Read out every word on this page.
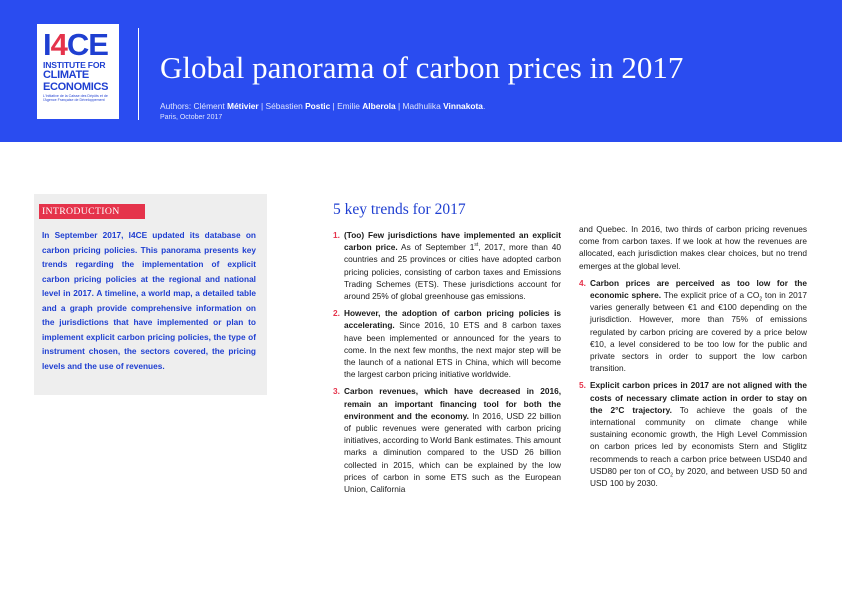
I4CE
INSTITUTE FOR
CLIMATE
ECONOMICS
L'Initiative de la Caisse des Dépôts et de l'Agence Française de Développement
Global panorama of carbon prices in 2017
Authors: Clément Métivier | Sébastien Postic | Emilie Alberola | Madhulika Vinnakota.
Paris, October 2017
INTRODUCTION
In September 2017, I4CE updated its database on carbon pricing policies. This panorama presents key trends regarding the implementation of explicit carbon pricing policies at the regional and national level in 2017. A timeline, a world map, a detailed table and a graph provide comprehensive information on the jurisdictions that have implemented or plan to implement explicit carbon pricing policies, the type of instrument chosen, the sectors covered, the pricing levels and the use of revenues.
5 key trends for 2017
1. (Too) Few jurisdictions have implemented an explicit carbon price. As of September 1st, 2017, more than 40 countries and 25 provinces or cities have adopted carbon pricing policies, consisting of carbon taxes and Emissions Trading Schemes (ETS). These jurisdictions account for around 25% of global greenhouse gas emissions.
2. However, the adoption of carbon pricing policies is accelerating. Since 2016, 10 ETS and 8 carbon taxes have been implemented or announced for the years to come. In the next few months, the next major step will be the launch of a national ETS in China, which will become the largest carbon pricing initiative worldwide.
3. Carbon revenues, which have decreased in 2016, remain an important financing tool for both the environment and the economy. In 2016, USD 22 billion of public revenues were generated with carbon pricing initiatives, according to World Bank estimates. This amount marks a diminution compared to the USD 26 billion collected in 2015, which can be explained by the low prices of carbon in some ETS such as the European Union, California
and Quebec. In 2016, two thirds of carbon pricing revenues come from carbon taxes. If we look at how the revenues are allocated, each jurisdiction makes clear choices, but no trend emerges at the global level.
4. Carbon prices are perceived as too low for the economic sphere. The explicit price of a $CO_2$ ton in 2017 varies generally between €1 and €100 depending on the jurisdiction. However, more than 75% of emissions regulated by carbon pricing are covered by a price below €10, a level considered to be too low for the public and private sectors in order to support the low carbon transition.
5. Explicit carbon prices in 2017 are not aligned with the costs of necessary climate action in order to stay on the 2°C trajectory. To achieve the goals of the international community on climate change while sustaining economic growth, the High Level Commission on carbon prices led by economists Stern and Stiglitz recommends to reach a carbon price between USD40 and USD80 per ton of $CO_2$ by 2020, and between USD 50 and USD 100 by 2030.
